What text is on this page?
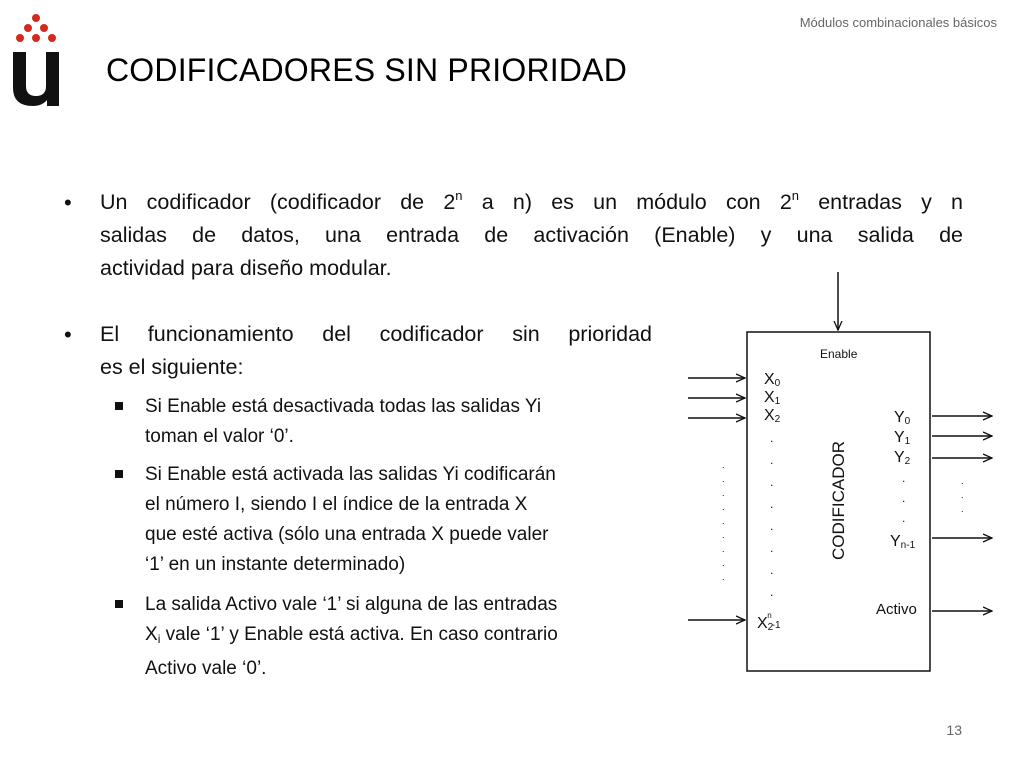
Módulos combinacionales básicos
CODIFICADORES SIN PRIORIDAD
• Un codificador (codificador de 2$^n$ a n) es un módulo con 2$^n$ entradas y n
salidas de datos, una entrada de activación (Enable) y una salida de
actividad para diseño modular.
• El funcionamiento del codificador sin prioridad
es el siguiente:
Si Enable está desactivada todas las salidas Yi
toman el valor ‘0’.
Si Enable está activada las salidas Yi codificarán
el número I, siendo I el índice de la entrada X
que esté activa (sólo una entrada X puede valer
‘1’ en un instante determinado)
La salida Activo vale ‘1’ si alguna de las entradas
Xi vale ‘1’ y Enable está activa. En caso contrario
Activo vale ‘0’.
Enable
X0
X1
X2
.
.
.
.
.
.
.
.
.
.
.
.
.
.
.
.
.
$X2n_{-1}$
CODIFICADOR
Y0
Y1
Y2
.
.
.
Yn-1
.
.
.
Activo
13
